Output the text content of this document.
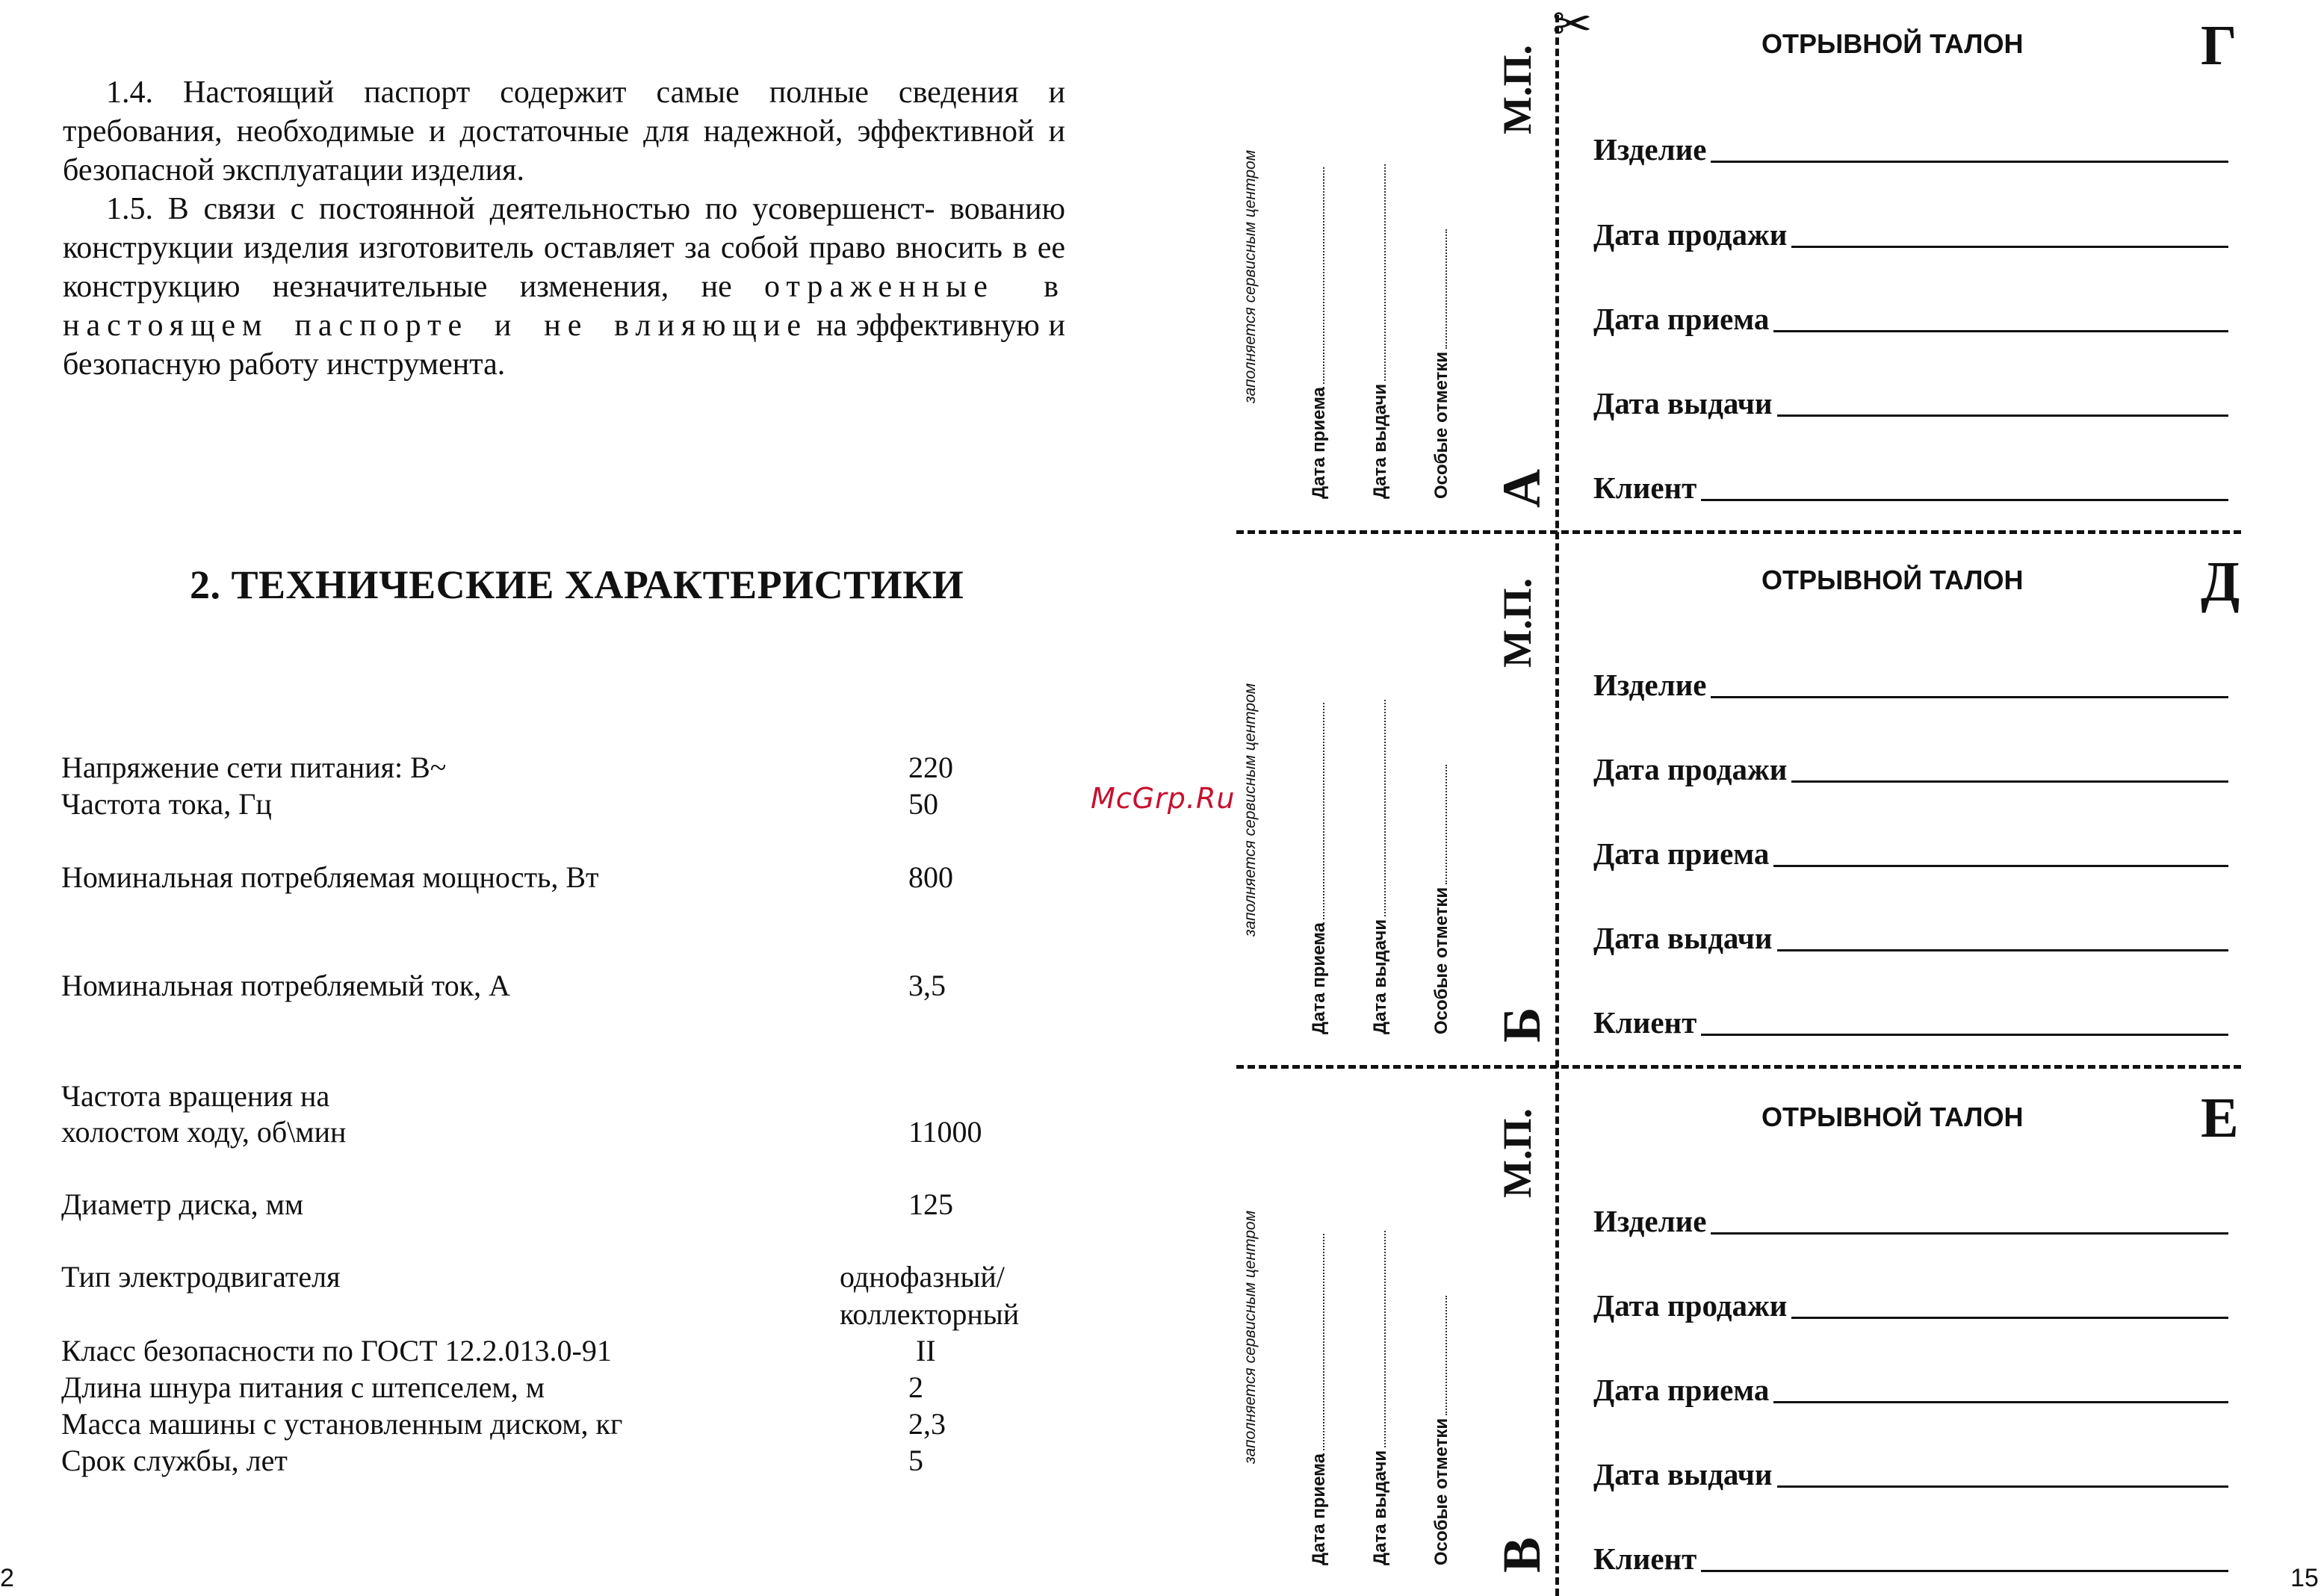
1.4. Настоящий паспорт содержит самые полные сведения и требования, необходимые и достаточные для надежной, эффективной и безопасной эксплуатации изделия.

1.5. В связи с постоянной деятельностью по усовершенст- вованию конструкции изделия изготовитель оставляет за собой право вносить в ее конструкцию незначительные изменения, не отраженные в настоящем паспорте и не влияющие на эффективную и безопасную работу инструмента.

2. ТЕХНИЧЕСКИЕ ХАРАКТЕРИСТИКИ
Напряжение сети питания: В~	220
Частота тока, Гц	50
Номинальная потребляемая мощность, Вт	800
Номинальная потребляемый ток, А	3,5
Частота вращения на
холостом ходу, об\мин	11000
Диаметр диска, мм	125
Тип электродвигателя	однофазный/
коллекторный
Класс безопасности по ГОСТ 12.2.013.0-91	II
Длина шнура питания с штепселем, м	2
Масса машины с установленным диском, кг	2,3
Срок службы, лет	5
2
McGrp.Ru
15
✂
заполняется сервисным центром
Дата приема Дата выдачи Особые отметки
М.П.
А
ОТРЫВНОЙ ТАЛОН	Г
Изделие
Дата продажи
Дата приема
Дата выдачи
Клиент
заполняется сервисным центром
Дата приема Дата выдачи Особые отметки
М.П.
Б
ОТРЫВНОЙ ТАЛОН	Д
Изделие
Дата продажи
Дата приема
Дата выдачи
Клиент
заполняется сервисным центром
Дата приема Дата выдачи Особые отметки
М.П.
В
ОТРЫВНОЙ ТАЛОН	Е
Изделие
Дата продажи
Дата приема
Дата выдачи
Клиент
